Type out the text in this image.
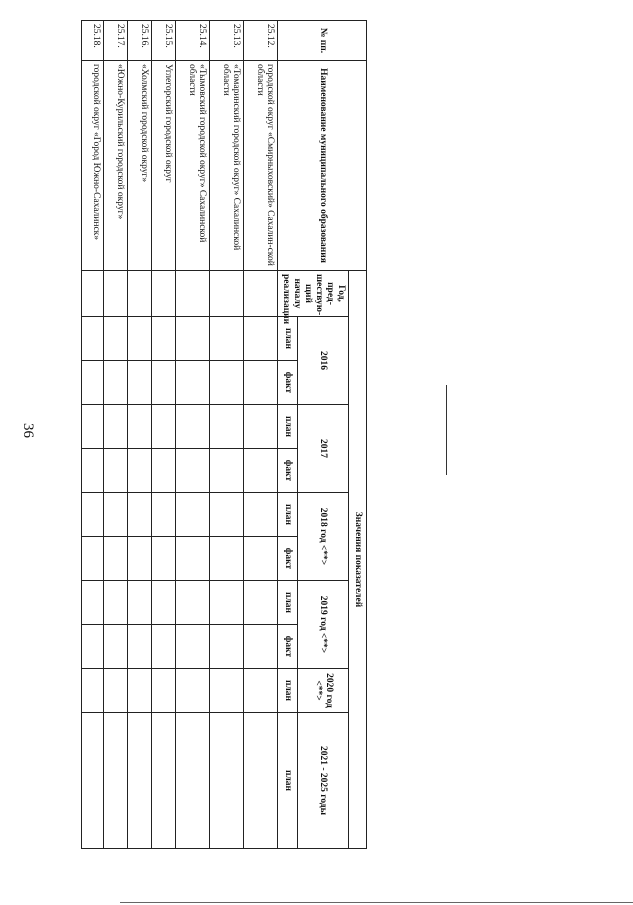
36
№ пп.	Наименование муниципального образования	Значения показателей										
		Год, пред-шествую-щий началу реализации	2016		2017		2018 год <**>		2019 год <**>		2020 год <**>	2021 - 2025 годы
			план	факт	план	факт	план	факт	план	факт	план	план
25.12.	городской округ «Смирныховский» Сахалин-ской области											
25.13.	«Томаринский городской округ» Сахалинской области											
25.14.	«Тымовский городской округ» Сахалинской области											
25.15.	Углегорский городской округ											
25.16.	«Холмский городской округ»											
25.17.	«Южно-Курильский городской округ»											
25.18.	городской округ «Город Южно-Сахалинск»											
